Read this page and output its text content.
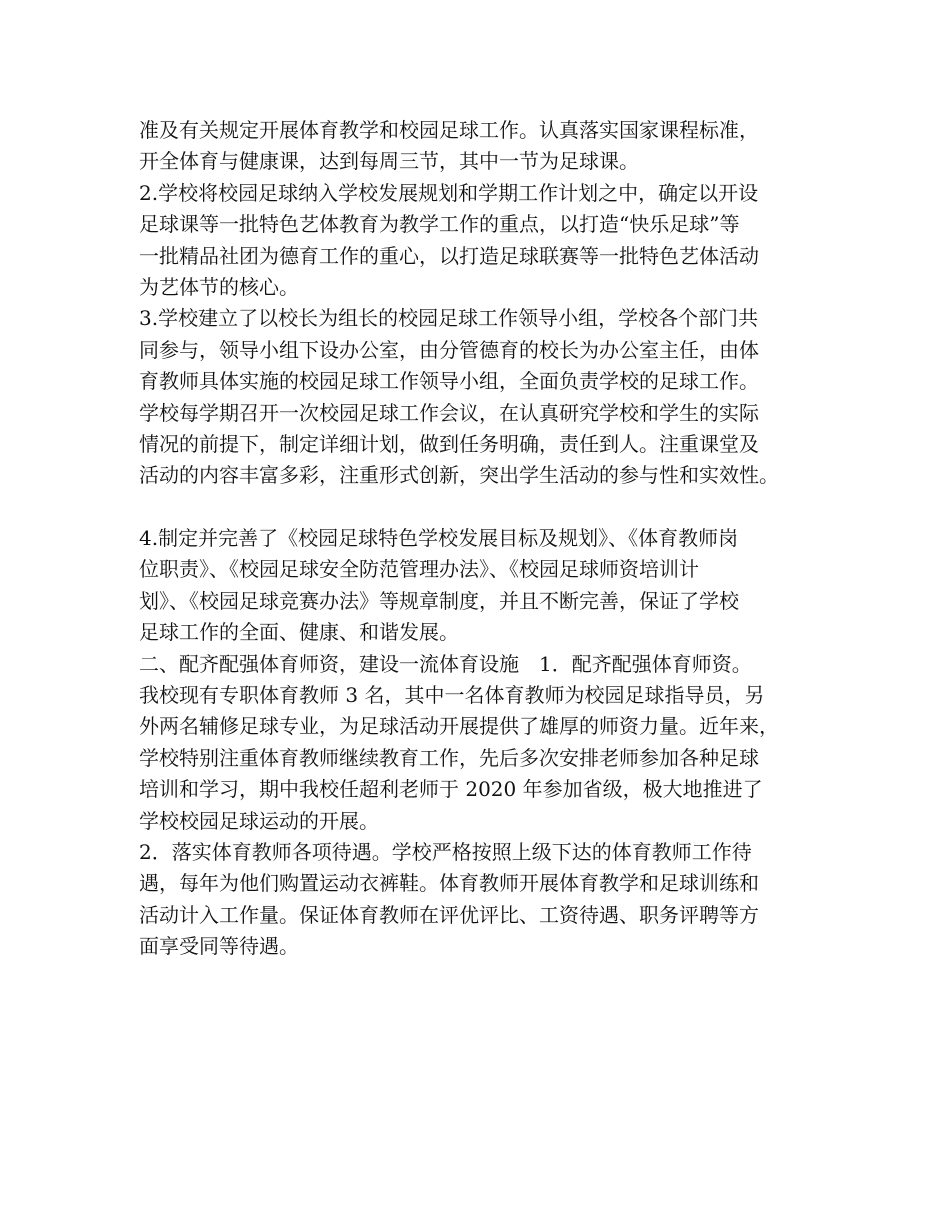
准及有关规定开展体育教学和校园足球工作。认真落实国家课程标准，
开全体育与健康课，达到每周三节，其中一节为足球课。
2.学校将校园足球纳入学校发展规划和学期工作计划之中，确定以开设
足球课等一批特色艺体教育为教学工作的重点，以打造“快乐足球”等
一批精品社团为德育工作的重心，以打造足球联赛等一批特色艺体活动
为艺体节的核心。
3.学校建立了以校长为组长的校园足球工作领导小组，学校各个部门共
同参与，领导小组下设办公室，由分管德育的校长为办公室主任，由体
育教师具体实施的校园足球工作领导小组，全面负责学校的足球工作。
学校每学期召开一次校园足球工作会议，在认真研究学校和学生的实际
情况的前提下，制定详细计划，做到任务明确，责任到人。注重课堂及
活动的内容丰富多彩，注重形式创新，突出学生活动的参与性和实效性。
4.制定并完善了《校园足球特色学校发展目标及规划》、《体育教师岗
位职责》、《校园足球安全防范管理办法》、《校园足球师资培训计
划》、《校园足球竞赛办法》等规章制度，并且不断完善，保证了学校
足球工作的全面、健康、和谐发展。
二、配齐配强体育师资，建设一流体育设施　1．配齐配强体育师资。
我校现有专职体育教师 3 名，其中一名体育教师为校园足球指导员，另
外两名辅修足球专业，为足球活动开展提供了雄厚的师资力量。近年来，
学校特别注重体育教师继续教育工作，先后多次安排老师参加各种足球
培训和学习，期中我校任超利老师于 2020 年参加省级，极大地推进了
学校校园足球运动的开展。
2．落实体育教师各项待遇。学校严格按照上级下达的体育教师工作待
遇，每年为他们购置运动衣裤鞋。体育教师开展体育教学和足球训练和
活动计入工作量。保证体育教师在评优评比、工资待遇、职务评聘等方
面享受同等待遇。
